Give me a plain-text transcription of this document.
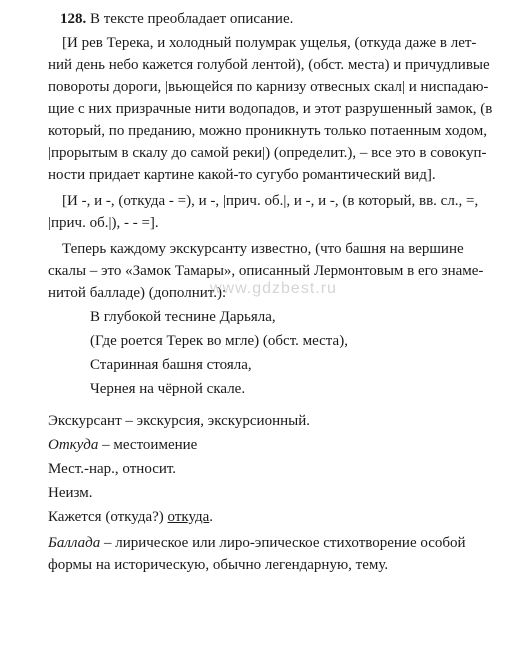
128. В тексте преобладает описание.
[И рев Терека, и холодный полумрак ущелья, (откуда даже в лет-
ний день небо кажется голубой лентой), (обст. места) и причудливые
повороты дороги, |вьющейся по карнизу отвесных скал| и ниспадаю-
щие с них призрачные нити водопадов, и этот разрушенный замок, (в
который, по преданию, можно проникнуть только потаенным ходом,
|прорытым в скалу до самой реки|) (определит.), – все это в совокуп-
ности придает картине какой-то сугубо романтический вид].
[И -, и -, (откуда - =), и -, |прич. об.|, и -, и -, (в который, вв. сл., =,
|прич. об.|), - - =].
Теперь каждому экскурсанту известно, (что башня на вершине
скалы – это «Замок Тамары», описанный Лермонтовым в его знаме-
нитой балладе) (дополнит.):
В глубокой теснине Дарьяла,
(Где роется Терек во мгле) (обст. места),
Старинная башня стояла,
Чернея на чёрной скале.
www.gdzbest.ru
Экскурсант – экскурсия, экскурсионный.
Откуда – местоимение
Мест.-нар., относит.
Неизм.
Кажется (откуда?) откуда.
Баллада – лирическое или лиро-эпическое стихотворение особой
формы на историческую, обычно легендарную, тему.
